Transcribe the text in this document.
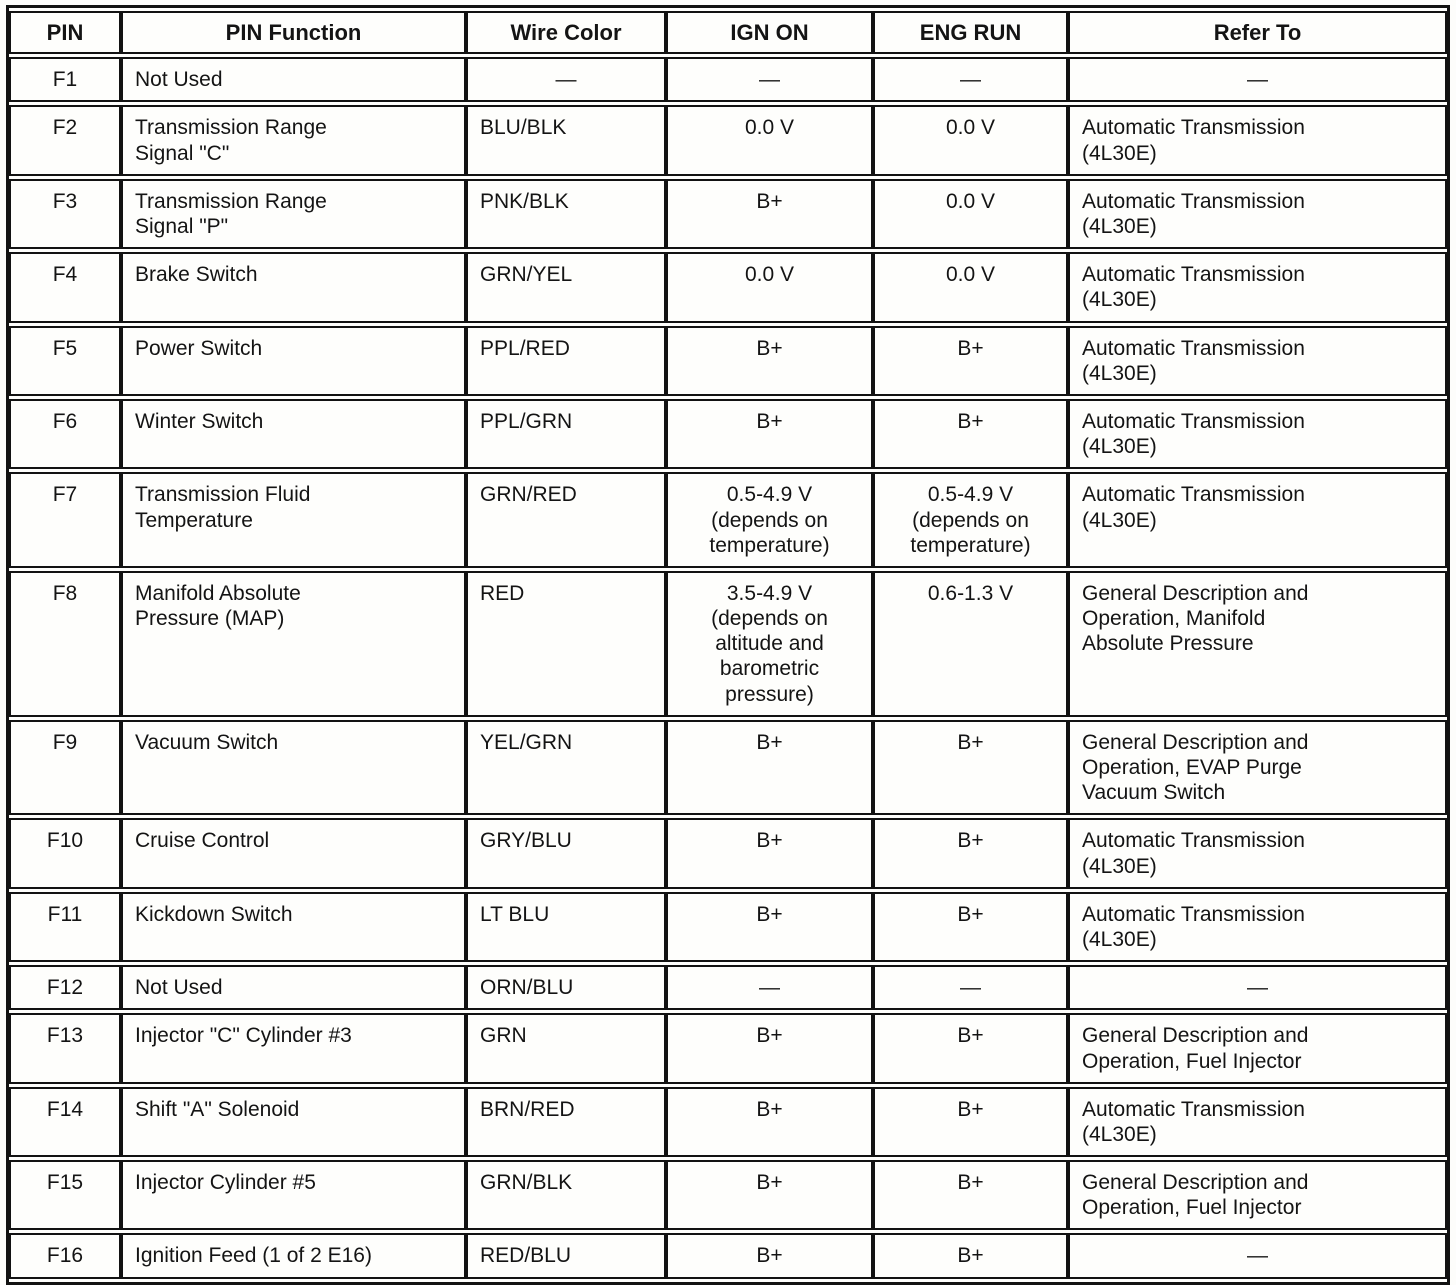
PIN	PIN Function	Wire Color	IGN ON	ENG RUN	Refer To
F1	Not Used	—	—	—	—
F2	Transmission Range
Signal "C"	BLU/BLK	0.0 V	0.0 V	Automatic Transmission
(4L30E)
F3	Transmission Range
Signal "P"	PNK/BLK	B+	0.0 V	Automatic Transmission
(4L30E)
F4	Brake Switch	GRN/YEL	0.0 V	0.0 V	Automatic Transmission
(4L30E)
F5	Power Switch	PPL/RED	B+	B+	Automatic Transmission
(4L30E)
F6	Winter Switch	PPL/GRN	B+	B+	Automatic Transmission
(4L30E)
F7	Transmission Fluid
Temperature	GRN/RED	0.5-4.9 V
(depends on
temperature)	0.5-4.9 V
(depends on
temperature)	Automatic Transmission
(4L30E)
F8	Manifold Absolute
Pressure (MAP)	RED	3.5-4.9 V
(depends on
altitude and
barometric
pressure)	0.6-1.3 V	General Description and
Operation, Manifold
Absolute Pressure
F9	Vacuum Switch	YEL/GRN	B+	B+	General Description and
Operation, EVAP Purge
Vacuum Switch
F10	Cruise Control	GRY/BLU	B+	B+	Automatic Transmission
(4L30E)
F11	Kickdown Switch	LT BLU	B+	B+	Automatic Transmission
(4L30E)
F12	Not Used	ORN/BLU	—	—	—
F13	Injector "C" Cylinder #3	GRN	B+	B+	General Description and
Operation, Fuel Injector
F14	Shift "A" Solenoid	BRN/RED	B+	B+	Automatic Transmission
(4L30E)
F15	Injector Cylinder #5	GRN/BLK	B+	B+	General Description and
Operation, Fuel Injector
F16	Ignition Feed (1 of 2 E16)	RED/BLU	B+	B+	—
